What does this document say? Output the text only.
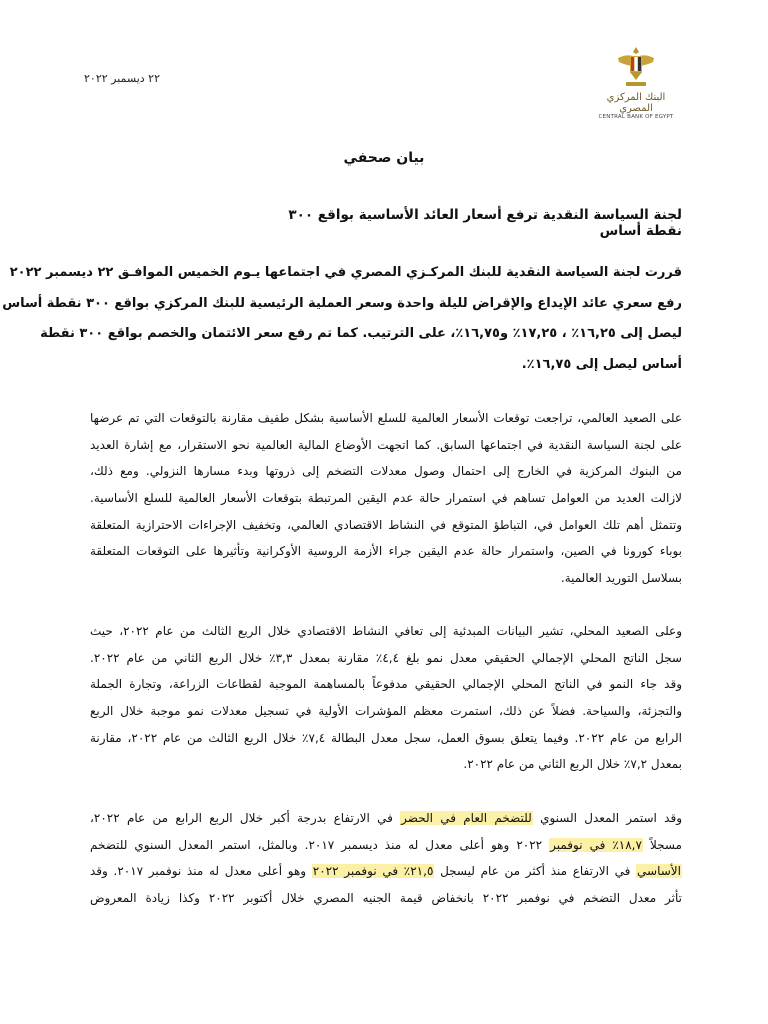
٢٢ ديسمبر ٢٠٢٢
البنك المركزي المصري
CENTRAL BANK OF EGYPT
بيان صحفي
لجنة السياسة النقدية ترفع أسعار العائد الأساسية بواقع ٣٠٠ نقطة أساس
قررت لجنة السياسة النقدية للبنك المركـزي المصري في اجتماعها يـوم الخميس الموافـق ٢٢ ديسمبر ٢٠٢٢
رفع سعري عائد الإيداع والإقراض لليلة واحدة وسعر العملية الرئيسية للبنك المركزي بواقع ٣٠٠ نقطة أساس
ليصل إلى ١٦,٢٥٪ ، ١٧,٢٥٪ و١٦,٧٥٪، على الترتيب. كما تم رفع سعر الائتمان والخصم بواقع ٣٠٠ نقطة
أساس ليصل إلى ١٦,٧٥٪.
على الصعيد العالمي، تراجعت توقعات الأسعار العالمية للسلع الأساسية بشكل طفيف مقارنة بالتوقعات التي تم عرضها
على لجنة السياسة النقدية في اجتماعها السابق. كما اتجهت الأوضاع المالية العالمية نحو الاستقرار، مع إشارة العديد
من البنوك المركزية في الخارج إلى احتمال وصول معدلات التضخم إلى ذروتها وبدء مسارها النزولي. ومع ذلك،
لازالت العديد من العوامل تساهم في استمرار حالة عدم اليقين المرتبطة بتوقعات الأسعار العالمية للسلع الأساسية.
وتتمثل أهم تلك العوامل في، التباطؤ المتوقع في النشاط الاقتصادي العالمي، وتخفيف الإجراءات الاحترازية المتعلقة
بوباء كورونا في الصين، واستمرار حالة عدم اليقين جراء الأزمة الروسية الأوكرانية وتأثيرها على التوقعات المتعلقة
بسلاسل التوريد العالمية.
وعلى الصعيد المحلي، تشير البيانات المبدئية إلى تعافي النشاط الاقتصادي خلال الربع الثالث من عام ٢٠٢٢، حيث
سجل الناتج المحلي الإجمالي الحقيقي معدل نمو بلغ ٤,٤٪ مقارنة بمعدل ٣,٣٪ خلال الربع الثاني من عام ٢٠٢٢.
وقد جاء النمو في الناتج المحلي الإجمالي الحقيقي مدفوعاً بالمساهمة الموجبة لقطاعات الزراعة، وتجارة الجملة
والتجزئة، والسياحة. فضلاً عن ذلك، استمرت معظم المؤشرات الأولية في تسجيل معدلات نمو موجبة خلال الربع
الرابع من عام ٢٠٢٢. وفيما يتعلق بسوق العمل، سجل معدل البطالة ٧,٤٪ خلال الربع الثالث من عام ٢٠٢٢، مقارنة
بمعدل ٧,٢٪ خلال الربع الثاني من عام ٢٠٢٢.
وقد استمر المعدل السنوي للتضخم العام في الحضر في الارتفاع بدرجة أكبر خلال الربع الرابع من عام ٢٠٢٢،
مسجلاً ١٨,٧٪ في نوفمبر ٢٠٢٢ وهو أعلى معدل له منذ ديسمبر ٢٠١٧. وبالمثل، استمر المعدل السنوي للتضخم
الأساسي في الارتفاع منذ أكثر من عام ليسجل ٢١,٥٪ في نوفمبر ٢٠٢٢ وهو أعلى معدل له منذ نوفمبر ٢٠١٧. وقد
تأثر معدل التضخم في نوفمبر ٢٠٢٢ بانخفاض قيمة الجنيه المصري خلال أكتوبر ٢٠٢٢ وكذا زيادة المعروض
